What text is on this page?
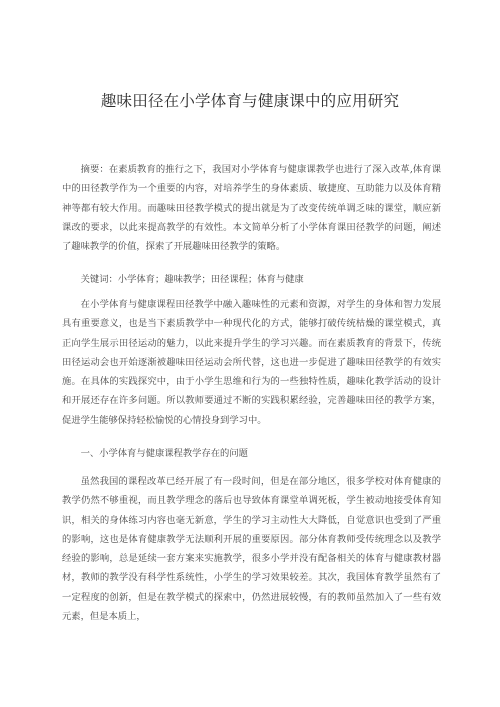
趣味田径在小学体育与健康课中的应用研究

摘要：在素质教育的推行之下，我国对小学体育与健康课教学也进行了深入改革,体育课中的田径教学作为一个重要的内容，对培养学生的身体素质、敏捷度、互助能力以及体育精神等都有较大作用。而趣味田径教学模式的提出就是为了改变传统单调乏味的课堂，顺应新课改的要求，以此来提高教学的有效性。本文简单分析了小学体育课田径教学的问题，阐述了趣味教学的价值，探索了开展趣味田径教学的策略。

关键词：小学体育；趣味教学；田径课程；体育与健康

在小学体育与健康课程田径教学中融入趣味性的元素和资源，对学生的身体和智力发展具有重要意义，也是当下素质教学中一种现代化的方式，能够打破传统枯燥的课堂模式，真正向学生展示田径运动的魅力，以此来提升学生的学习兴趣。而在素质教育的背景下，传统田径运动会也开始逐渐被趣味田径运动会所代替，这也进一步促进了趣味田径教学的有效实施。在具体的实践探究中，由于小学生思维和行为的一些独特性质，趣味化教学活动的设计和开展还存在许多问题。所以教师要通过不断的实践积累经验，完善趣味田径的教学方案，促进学生能够保持轻松愉悦的心情投身到学习中。

一、小学体育与健康课程教学存在的问题

虽然我国的课程改革已经开展了有一段时间，但是在部分地区，很多学校对体育健康的教学仍然不够重视，而且教学理念的落后也导致体育课堂单调死板，学生被动地接受体育知识，相关的身体练习内容也毫无新意，学生的学习主动性大大降低，自觉意识也受到了严重的影响，这也是体育健康教学无法顺利开展的重要原因。部分体育教师受传统理念以及教学经验的影响，总是延续一套方案来实施教学，很多小学并没有配备相关的体育与健康教材器材，教师的教学没有科学性系统性，小学生的学习效果较差。其次，我国体育教学虽然有了一定程度的创新，但是在教学模式的探索中，仍然进展较慢，有的教师虽然加入了一些有效元素，但是本质上，
